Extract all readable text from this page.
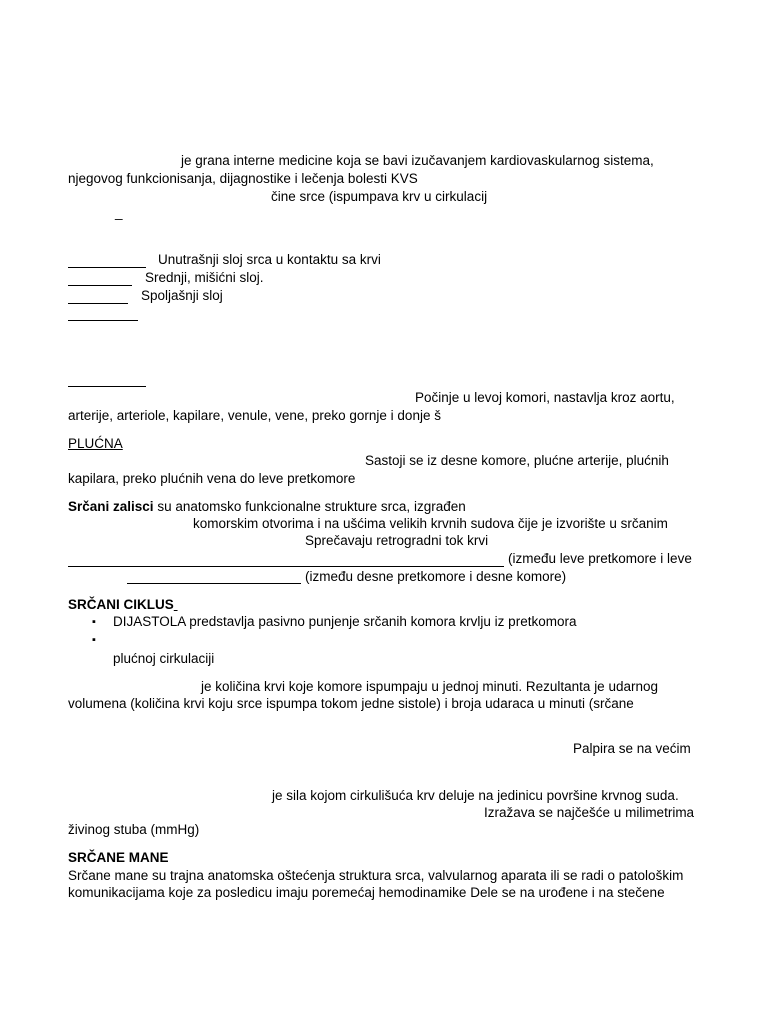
je grana interne medicine koja se bavi izučavanjem kardiovaskularnog sistema,
njegovog funkcionisanja, dijagnostike i lečenja bolesti KVS
čine srce (ispumpava krv u cirkulacij
_
Unutrašnji sloj srca u kontaktu sa krvi
Srednji, mišićni sloj.
Spoljašnji sloj
Počinje u levoj komori, nastavlja kroz aortu,
arterije, arteriole, kapilare, venule, vene, preko gornje i donje š
PLUĆNA
Sastoji se iz desne komore, plućne arterije, plućnih
kapilara, preko plućnih vena do leve pretkomore
Srčani zalisci su anatomsko funkcionalne strukture srca, izgrađen
komorskim otvorima i na ušćima velikih krvnih sudova čije je izvorište u srčanim
Sprečavaju retrogradni tok krvi
(između leve pretkomore i leve
(između desne pretkomore i desne komore)
SRČANI CIKLUS
▪ DIJASTOLA predstavlja pasivno punjenje srčanih komora krvlju iz pretkomora
▪
plućnoj cirkulaciji
je količina krvi koje komore ispumpaju u jednoj minuti. Rezultanta je udarnog
volumena (količina krvi koju srce ispumpa tokom jedne sistole) i broja udaraca u minuti (srčane
Palpira se na većim
je sila kojom cirkulišuća krv deluje na jedinicu površine krvnog suda.
Izražava se najčešće u milimetrima
živinog stuba (mmHg)
SRČANE MANE
Srčane mane su trajna anatomska oštećenja struktura srca, valvularnog aparata ili se radi o patološkim
komunikacijama koje za posledicu imaju poremećaj hemodinamike Dele se na urođene i na stečene
